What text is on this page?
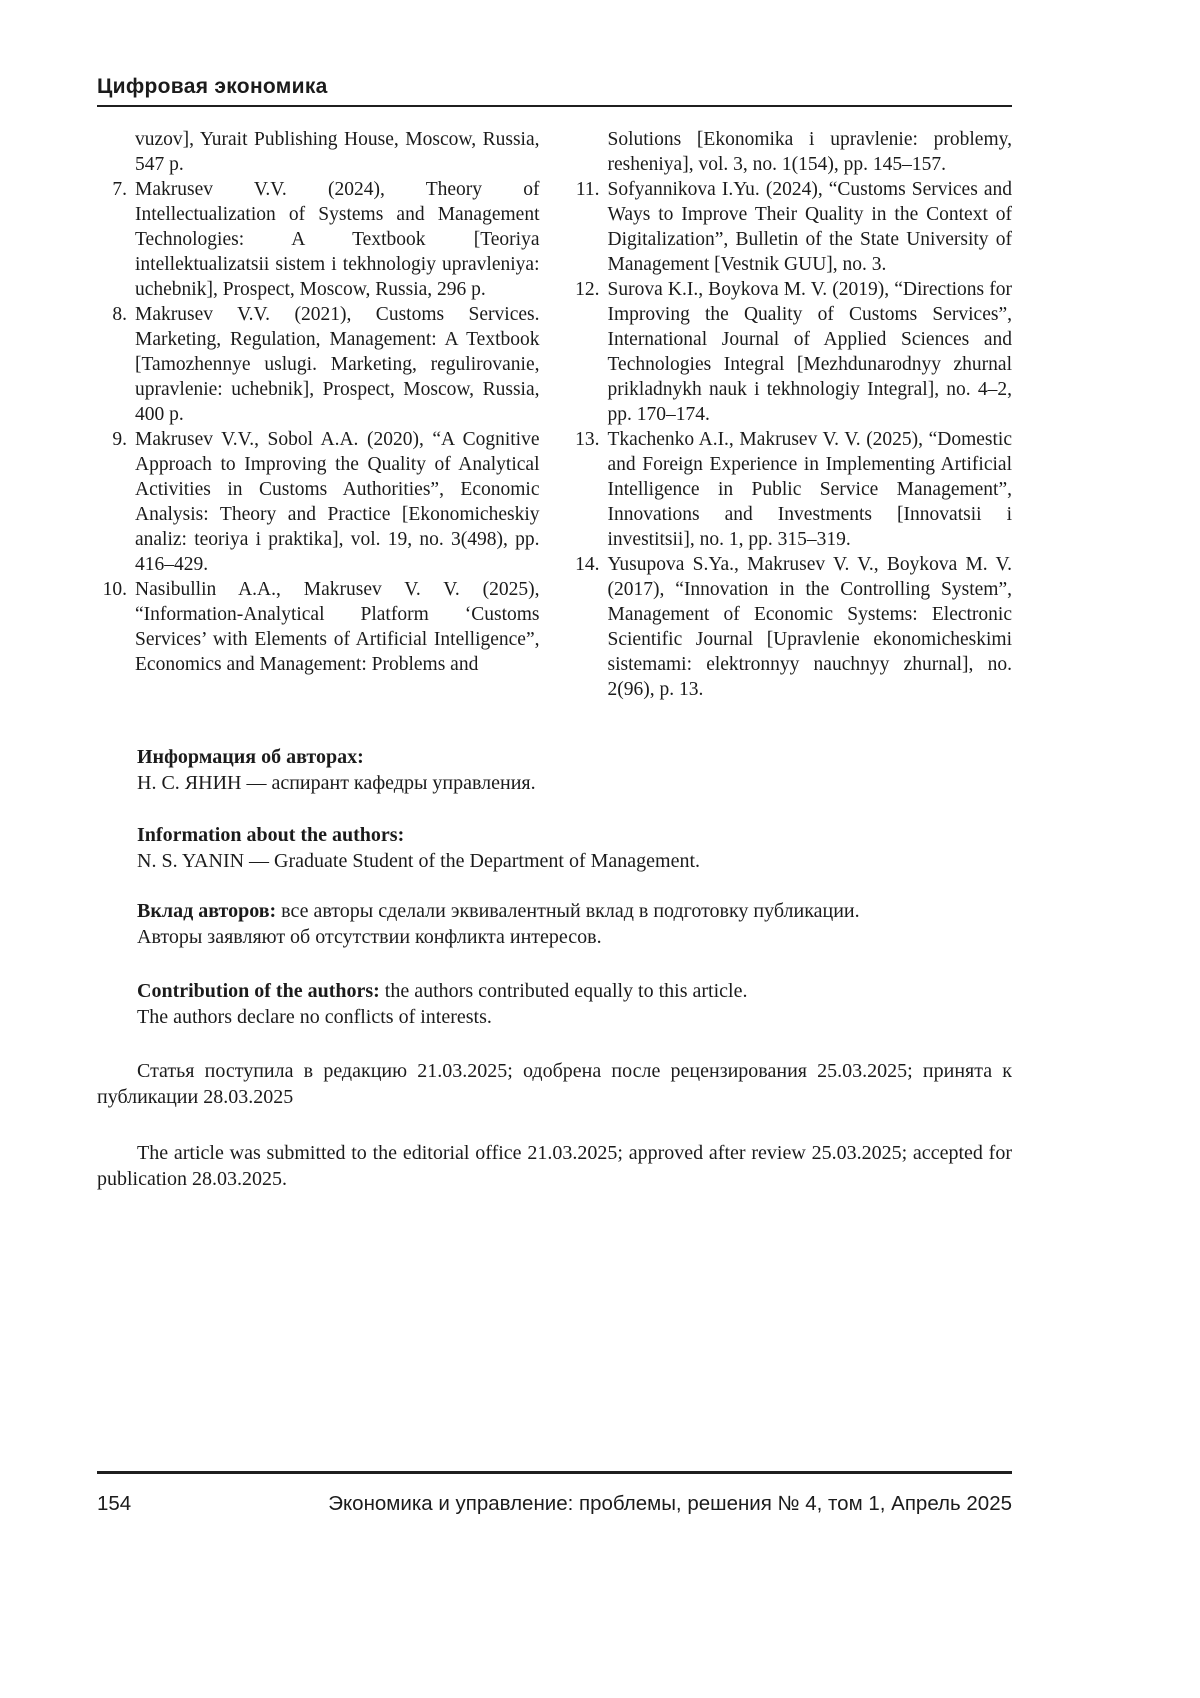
Цифровая экономика
vuzov], Yurait Publishing House, Moscow, Russia, 547 p.
7. Makrusev V.V. (2024), Theory of Intellectualization of Systems and Management Technologies: A Textbook [Teoriya intellektualizatsii sistem i tekhnologiy upravleniya: uchebnik], Prospect, Moscow, Russia, 296 p.
8. Makrusev V.V. (2021), Customs Services. Marketing, Regulation, Management: A Textbook [Tamozhennye uslugi. Marketing, regulirovanie, upravlenie: uchebnik], Prospect, Moscow, Russia, 400 p.
9. Makrusev V.V., Sobol A.A. (2020), “A Cognitive Approach to Improving the Quality of Analytical Activities in Customs Authorities”, Economic Analysis: Theory and Practice [Ekonomicheskiy analiz: teoriya i praktika], vol. 19, no. 3(498), pp. 416–429.
10. Nasibullin A.A., Makrusev V. V. (2025), “Information-Analytical Platform ‘Customs Services’ with Elements of Artificial Intelligence”, Economics and Management: Problems and
Solutions [Ekonomika i upravlenie: problemy, resheniya], vol. 3, no. 1(154), pp. 145–157.
11. Sofyannikova I.Yu. (2024), “Customs Services and Ways to Improve Their Quality in the Context of Digitalization”, Bulletin of the State University of Management [Vestnik GUU], no. 3.
12. Surova K.I., Boykova M. V. (2019), “Directions for Improving the Quality of Customs Services”, International Journal of Applied Sciences and Technologies Integral [Mezhdunarodnyy zhurnal prikladnykh nauk i tekhnologiy Integral], no. 4–2, pp. 170–174.
13. Tkachenko A.I., Makrusev V. V. (2025), “Domestic and Foreign Experience in Implementing Artificial Intelligence in Public Service Management”, Innovations and Investments [Innovatsii i investitsii], no. 1, pp. 315–319.
14. Yusupova S.Ya., Makrusev V. V., Boykova M. V. (2017), “Innovation in the Controlling System”, Management of Economic Systems: Electronic Scientific Journal [Upravlenie ekonomicheskimi sistemami: elektronnyy nauchnyy zhurnal], no. 2(96), p. 13.

Информация об авторах:

Н. С. ЯНИН — аспирант кафедры управления.

Information about the authors:

N. S. YANIN — Graduate Student of the Department of Management.

Вклад авторов: все авторы сделали эквивалентный вклад в подготовку публикации.

Авторы заявляют об отсутствии конфликта интересов.

Contribution of the authors: the authors contributed equally to this article.

The authors declare no conflicts of interests.

Статья поступила в редакцию 21.03.2025; одобрена после рецензирования 25.03.2025; принята к публикации 28.03.2025

The article was submitted to the editorial office 21.03.2025; approved after review 25.03.2025; accepted for publication 28.03.2025.

154	Экономика и управление: проблемы, решения № 4, том 1, Апрель 2025
